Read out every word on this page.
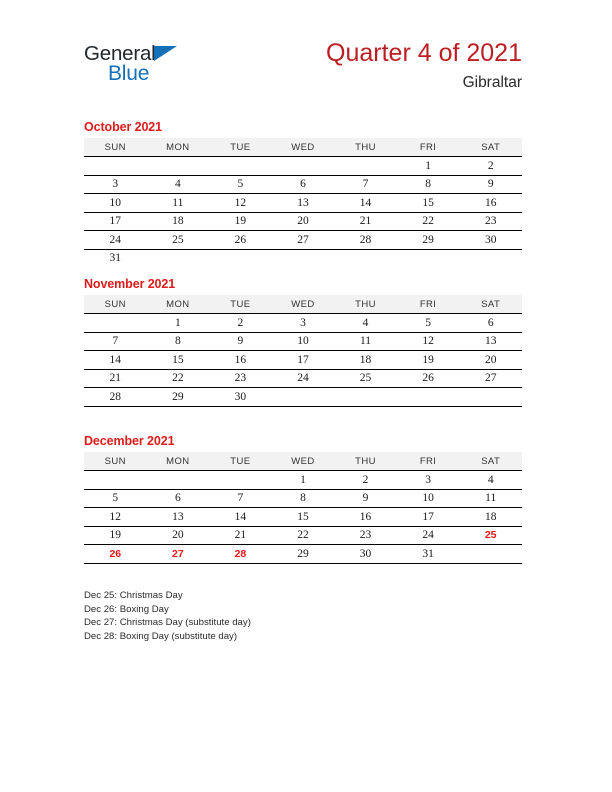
General
Blue
Quarter 4 of 2021
Gibraltar
October 2021
SUN	MON	TUE	WED	THU	FRI	SAT
					1	2
3	4	5	6	7	8	9
10	11	12	13	14	15	16
17	18	19	20	21	22	23
24	25	26	27	28	29	30
31						
November 2021
SUN	MON	TUE	WED	THU	FRI	SAT
	1	2	3	4	5	6
7	8	9	10	11	12	13
14	15	16	17	18	19	20
21	22	23	24	25	26	27
28	29	30				
December 2021
SUN	MON	TUE	WED	THU	FRI	SAT
			1	2	3	4
5	6	7	8	9	10	11
12	13	14	15	16	17	18
19	20	21	22	23	24	25
26	27	28	29	30	31	
Dec 25: Christmas Day
Dec 26: Boxing Day
Dec 27: Christmas Day (substitute day)
Dec 28: Boxing Day (substitute day)
